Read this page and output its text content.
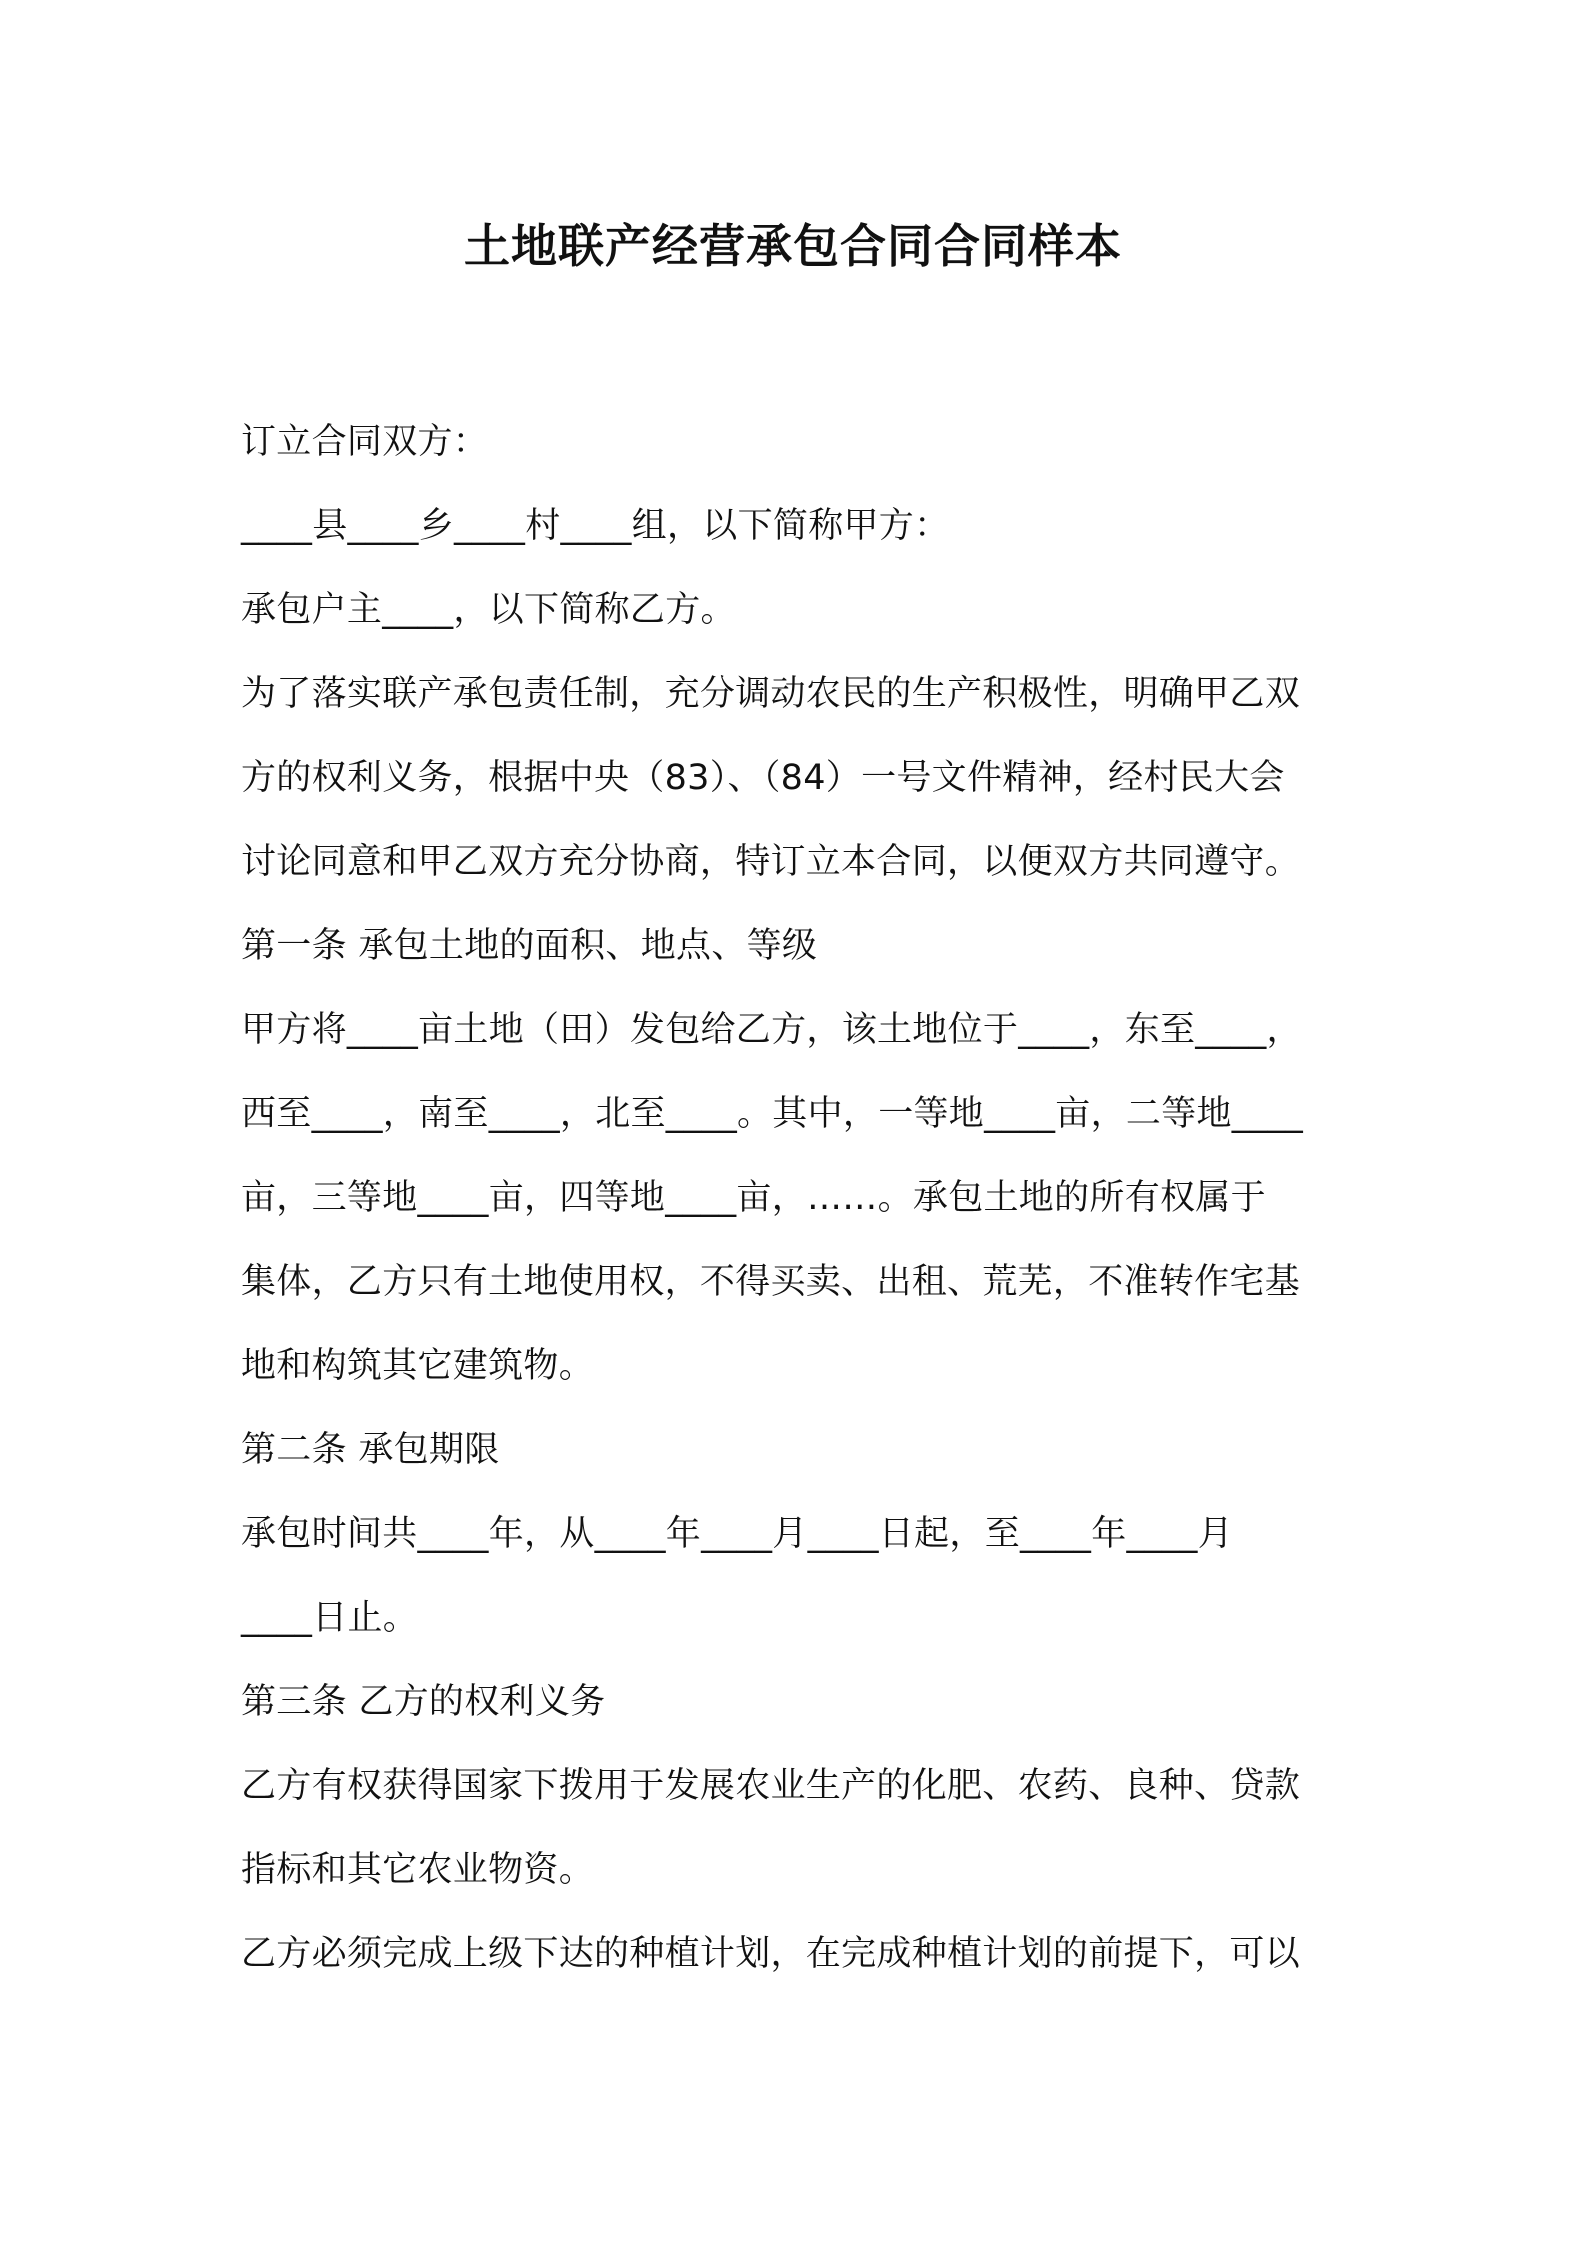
土地联产经营承包合同合同样本
订立合同双方：
____县____乡____村____组，以下简称甲方：
承包户主____，以下简称乙方。
为了落实联产承包责任制，充分调动农民的生产积极性，明确甲乙双
方的权利义务，根据中央（83）、（84）一号文件精神，经村民大会
讨论同意和甲乙双方充分协商，特订立本合同，以便双方共同遵守。
第一条 承包土地的面积、地点、等级
甲方将____亩土地（田）发包给乙方，该土地位于____，东至____，
西至____，南至____，北至____。其中，一等地____亩，二等地____
亩，三等地____亩，四等地____亩，……。承包土地的所有权属于
集体，乙方只有土地使用权，不得买卖、出租、荒芜，不准转作宅基
地和构筑其它建筑物。
第二条 承包期限
承包时间共____年，从____年____月____日起，至____年____月
____日止。
第三条 乙方的权利义务
乙方有权获得国家下拨用于发展农业生产的化肥、农药、良种、贷款
指标和其它农业物资。
乙方必须完成上级下达的种植计划，在完成种植计划的前提下，可以
